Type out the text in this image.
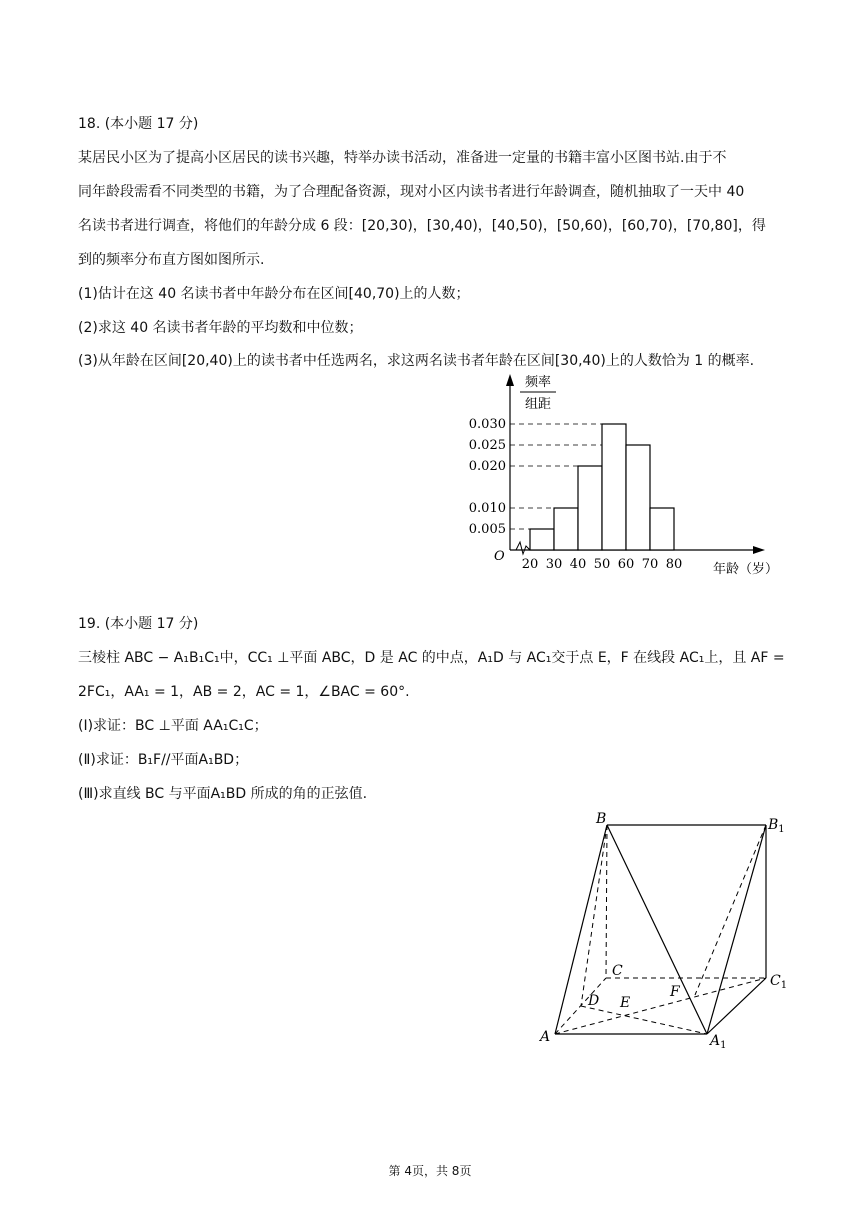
18. (本小题 17 分)
某居民小区为了提高小区居民的读书兴趣，特举办读书活动，准备进一定量的书籍丰富小区图书站.由于不
同年龄段需看不同类型的书籍，为了合理配备资源，现对小区内读书者进行年龄调查，随机抽取了一天中 40
名读书者进行调查，将他们的年龄分成 6 段：[20,30)，[30,40)，[40,50)，[50,60)，[60,70)，[70,80]，得
到的频率分布直方图如图所示.
(1)估计在这 40 名读书者中年龄分布在区间[40,70)上的人数；
(2)求这 40 名读书者年龄的平均数和中位数；
(3)从年龄在区间[20,40)上的读书者中任选两名，求这两名读书者年龄在区间[30,40)上的人数恰为 1 的概率.
频率
组距
O
年龄（岁）
0.030
0.025
0.020
0.010
0.005
20 30 40 50 60 70 80
19. (本小题 17 分)
三棱柱 ABC − A₁B₁C₁中，CC₁ ⊥平面 ABC，D 是 AC 的中点，A₁D 与 AC₁交于点 E，F 在线段 AC₁上，且 AF =
2FC₁，AA₁ = 1，AB = 2，AC = 1，∠BAC = 60°.
(Ⅰ)求证：BC ⊥平面 AA₁C₁C；
(Ⅱ)求证：B₁F//平面A₁BD；
(Ⅲ)求直线 BC 与平面A₁BD 所成的角的正弦值.
B	$B_1$
C
$C_1$
A	$A_1$
D E
F
第 4页，共 8页
